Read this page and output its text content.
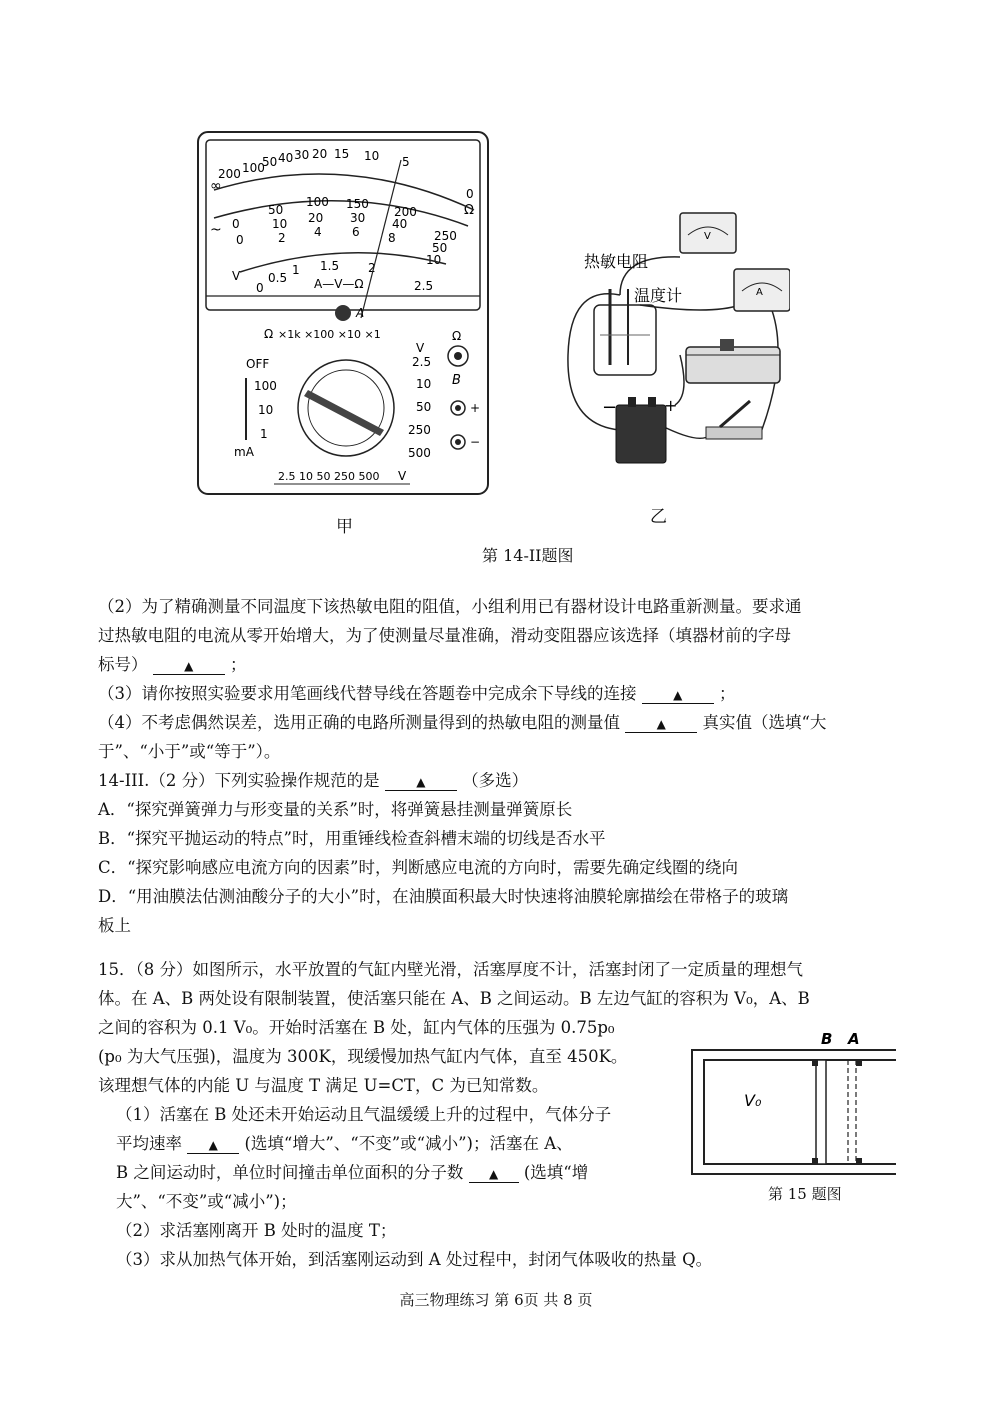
200 100
50 40 30 20 15 10 5
0
∞
Ω
~
50
100 150
200
250
0	10 20 30 40
50
0	2 4	6 8
10
V
0
0.5
1 1.5 2
2.5
A—V—Ω
A
×1k ×100 ×10 ×1
Ω
OFF
100
10
1
mA
2.5
10
50
250
500
V
2.5 10 50 250 500 V
Ω
B
+
−
V
A
热敏电阻
温度计
−	+
甲	乙
第 14-II题图
（2）为了精确测量不同温度下该热敏电阻的阻值，小组利用已有器材设计电路重新测量。要求通
过热敏电阻的电流从零开始增大，为了使测量尽量准确，滑动变阻器应该选择（填器材前的字母
标号）	▲ ；
（3）请你按照实验要求用笔画线代替导线在答题卷中完成余下导线的连接	▲ ；
（4）不考虑偶然误差，选用正确的电路所测量得到的热敏电阻的测量值	▲ 真实值（选填“大
于”、“小于”或“等于”）。
14-III.（2 分）下列实验操作规范的是	▲ （多选）
A．“探究弹簧弹力与形变量的关系”时，将弹簧悬挂测量弹簧原长
B．“探究平抛运动的特点”时，用重锤线检查斜槽末端的切线是否水平
C．“探究影响感应电流方向的因素”时，判断感应电流的方向时，需要先确定线圈的绕向
D．“用油膜法估测油酸分子的大小”时，在油膜面积最大时快速将油膜轮廓描绘在带格子的玻璃
板上
15．（8 分）如图所示，水平放置的气缸内壁光滑，活塞厚度不计，活塞封闭了一定质量的理想气
体。在 A、B 两处设有限制装置，使活塞只能在 A、B 之间运动。B 左边气缸的容积为 V₀，A、B
之间的容积为 0.1 V₀。开始时活塞在 B 处，缸内气体的压强为 0.75p₀
(p₀ 为大气压强)，温度为 300K，现缓慢加热气缸内气体，直至 450K。
该理想气体的内能 U 与温度 T 满足 U=CT，C 为已知常数。
（1）活塞在 B 处还未开始运动且气温缓缓上升的过程中，气体分子
平均速率 ▲ (选填“增大”、“不变”或“减小”)；活塞在 A、
B 之间运动时，单位时间撞击单位面积的分子数 ▲ (选填“增
大”、“不变”或“减小”)；
（2）求活塞刚离开 B 处时的温度 T；
（3）求从加热气体开始，到活塞刚运动到 A 处过程中，封闭气体吸收的热量 Q。
B A
V₀
第 15 题图
高三物理练习 第 6页 共 8 页
